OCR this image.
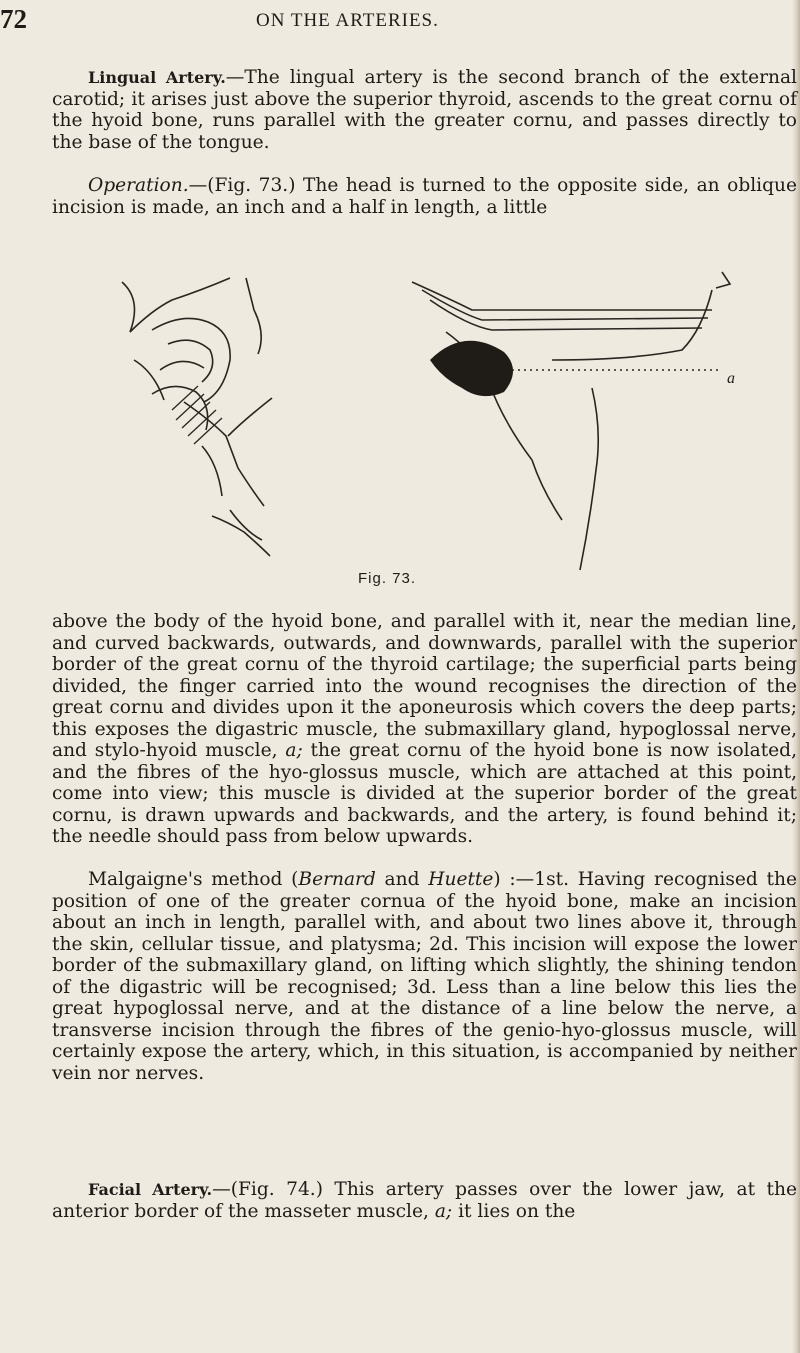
72	ON THE ARTERIES.

Lingual Artery.—The lingual artery is the second branch of the external carotid; it arises just above the superior thyroid, ascends to the great cornu of the hyoid bone, runs parallel with the greater cornu, and passes directly to the base of the tongue.

Operation.—(Fig. 73.) The head is turned to the opposite side, an oblique incision is made, an inch and a half in length, a little

a
Fig. 73.

above the body of the hyoid bone, and parallel with it, near the median line, and curved backwards, outwards, and downwards, parallel with the superior border of the great cornu of the thyroid cartilage; the superficial parts being divided, the finger carried into the wound recognises the direction of the great cornu and divides upon it the aponeurosis which covers the deep parts; this exposes the digastric muscle, the submaxillary gland, hypoglossal nerve, and stylo-hyoid muscle, a; the great cornu of the hyoid bone is now isolated, and the fibres of the hyo-glossus muscle, which are attached at this point, come into view; this muscle is divided at the superior border of the great cornu, is drawn upwards and backwards, and the artery, is found behind it; the needle should pass from below upwards.

Malgaigne's method (Bernard and Huette) :—1st. Having recognised the position of one of the greater cornua of the hyoid bone, make an incision about an inch in length, parallel with, and about two lines above it, through the skin, cellular tissue, and platysma; 2d. This incision will expose the lower border of the submaxillary gland, on lifting which slightly, the shining tendon of the digastric will be recognised; 3d. Less than a line below this lies the great hypoglossal nerve, and at the distance of a line below the nerve, a transverse incision through the fibres of the genio-hyo-glossus muscle, will certainly expose the artery, which, in this situation, is accompanied by neither vein nor nerves.

Facial Artery.—(Fig. 74.) This artery passes over the lower jaw, at the anterior border of the masseter muscle, a; it lies on the
